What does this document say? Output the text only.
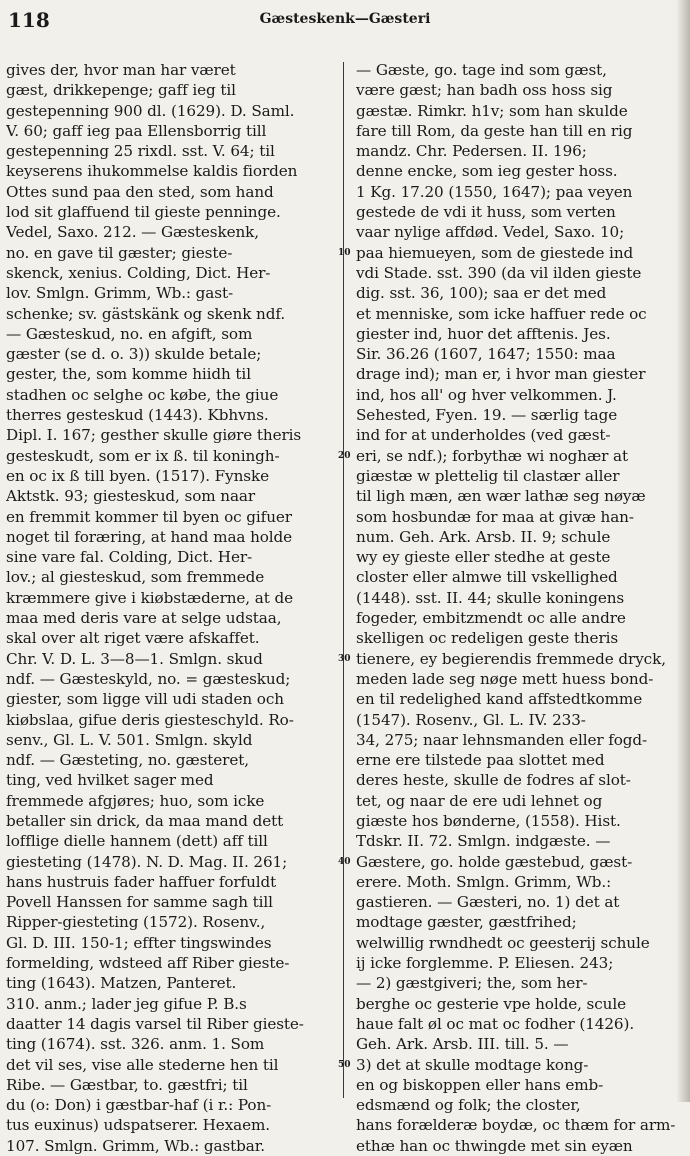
118	Gæsteskenk—Gæsteri
gives der, hvor man har været
gæst, drikkepenge; gaff ieg til
gestepenning 900 dl. (1629). D. Saml.
V. 60; gaff ieg paa Ellensborrig till
gestepenning 25 rixdl. sst. V. 64; til
keyserens ihukommelse kaldis fiorden
Ottes sund paa den sted, som hand
lod sit glaffuend til gieste penninge.
Vedel, Saxo. 212. — Gæsteskenk,
no. en gave til gæster; gieste-
skenck, xenius. Colding, Dict. Her-
lov. Smlgn. Grimm, Wb.: gast-
schenke; sv. gästskänk og skenk ndf.
— Gæsteskud, no. en afgift, som
gæster (se d. o. 3)) skulde betale;
gester, the, som komme hiidh til
stadhen oc selghe oc købe, the giue
therres gesteskud (1443). Kbhvns.
Dipl. I. 167; gesther skulle giøre theris
gesteskudt, som er ix ß. til koningh-
en oc ix ß till byen. (1517). Fynske
Aktstk. 93; giesteskud, som naar
en fremmit kommer til byen oc gifuer
noget til foræring, at hand maa holde
sine vare fal. Colding, Dict. Her-
lov.; al giesteskud, som fremmede
kræmmere give i kiøbstæderne, at de
maa med deris vare at selge udstaa,
skal over alt riget være afskaffet.
Chr. V. D. L. 3—8—1. Smlgn. skud
ndf. — Gæsteskyld, no. = gæsteskud;
giester, som ligge vill udi staden och
kiøbslaa, gifue deris giesteschyld. Ro-
senv., Gl. L. V. 501. Smlgn. skyld
ndf. — Gæsteting, no. gæsteret,
ting, ved hvilket sager med
fremmede afgjøres; huo, som icke
betaller sin drick, da maa mand dett
lofflige dielle hannem (dett) aff till
giesteting (1478). N. D. Mag. II. 261;
hans hustruis fader haffuer forfuldt
Povell Hanssen for samme sagh till
Ripper-giesteting (1572). Rosenv.,
Gl. D. III. 150-1; effter tingswindes
formelding, wdsteed aff Riber gieste-
ting (1643). Matzen, Panteret.
310. anm.; lader jeg gifue P. B.s
daatter 14 dagis varsel til Riber gieste-
ting (1674). sst. 326. anm. 1. Som
det vil ses, vise alle stederne hen til
Ribe. — Gæstbar, to. gæstfri; til
du (o: Don) i gæstbar-haf (i r.: Pon-
tus euxinus) udspatserer. Hexaem.
107. Smlgn. Grimm, Wb.: gastbar.
— Gæste, go. tage ind som gæst,
være gæst; han badh oss hoss sig
gæstæ. Rimkr. h1v; som han skulde
fare till Rom, da geste han till en rig
mandz. Chr. Pedersen. II. 196;
denne encke, som ieg gester hoss.
1 Kg. 17.20 (1550, 1647); paa veyen
gestede de vdi it huss, som verten
vaar nylige affdød. Vedel, Saxo. 10;
paa hiemueyen, som de giestede ind
vdi Stade. sst. 390 (da vil ilden gieste
dig. sst. 36, 100); saa er det med
et menniske, som icke haffuer rede oc
giester ind, huor det afftenis. Jes.
Sir. 36.26 (1607, 1647; 1550: maa
drage ind); man er, i hvor man giester
ind, hos all' og hver velkommen. J.
Sehested, Fyen. 19. — særlig tage
ind for at underholdes (ved gæst-
eri, se ndf.); forbythæ wi noghær at
giæstæ w plettelig til clastær aller
til ligh mæn, æn wær lathæ seg nøyæ
som hosbundæ for maa at givæ han-
num. Geh. Ark. Arsb. II. 9; schule
wy ey gieste eller stedhe at geste
closter eller almwe till vskellighed
(1448). sst. II. 44; skulle koningens
fogeder, embitzmendt oc alle andre
skelligen oc redeligen geste theris
tienere, ey begierendis fremmede dryck,
meden lade seg nøge mett huess bond-
en til redelighed kand affstedtkomme
(1547). Rosenv., Gl. L. IV. 233-
34, 275; naar lehnsmanden eller fogd-
erne ere tilstede paa slottet med
deres heste, skulle de fodres af slot-
tet, og naar de ere udi lehnet og
giæste hos bønderne, (1558). Hist.
Tdskr. II. 72. Smlgn. indgæste. —
Gæstere, go. holde gæstebud, gæst-
erere. Moth. Smlgn. Grimm, Wb.:
gastieren. — Gæsteri, no. 1) det at
modtage gæster, gæstfrihed;
welwillig rwndhedt oc geesterij schule
ij icke forglemme. P. Eliesen. 243;
— 2) gæstgiveri; the, som her-
berghe oc gesterie vpe holde, scule
haue falt øl oc mat oc fodher (1426).
Geh. Ark. Arsb. III. till. 5. —
3) det at skulle modtage kong-
en og biskoppen eller hans emb-
edsmænd og folk; the closter,
hans forælderæ boydæ, oc thæm for arm-
ethæ han oc thwingde met sin eyæn
10
20
30
40
50
